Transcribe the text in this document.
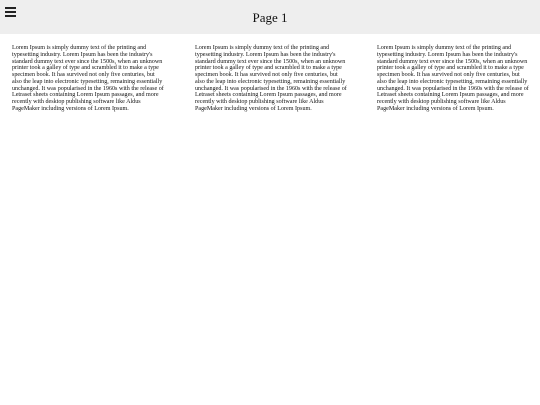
Page 1
Lorem Ipsum is simply dummy text of the printing and typesetting industry. Lorem Ipsum has been the industry's standard dummy text ever since the 1500s, when an unknown printer took a galley of type and scrambled it to make a type specimen book. It has survived not only five centuries, but also the leap into electronic typesetting, remaining essentially unchanged. It was popularised in the 1960s with the release of Letraset sheets containing Lorem Ipsum passages, and more recently with desktop publishing software like Aldus PageMaker including versions of Lorem Ipsum.
Lorem Ipsum is simply dummy text of the printing and typesetting industry. Lorem Ipsum has been the industry's standard dummy text ever since the 1500s, when an unknown printer took a galley of type and scrambled it to make a type specimen book. It has survived not only five centuries, but also the leap into electronic typesetting, remaining essentially unchanged. It was popularised in the 1960s with the release of Letraset sheets containing Lorem Ipsum passages, and more recently with desktop publishing software like Aldus PageMaker including versions of Lorem Ipsum.
Lorem Ipsum is simply dummy text of the printing and typesetting industry. Lorem Ipsum has been the industry's standard dummy text ever since the 1500s, when an unknown printer took a galley of type and scrambled it to make a type specimen book. It has survived not only five centuries, but also the leap into electronic typesetting, remaining essentially unchanged. It was popularised in the 1960s with the release of Letraset sheets containing Lorem Ipsum passages, and more recently with desktop publishing software like Aldus PageMaker including versions of Lorem Ipsum.
